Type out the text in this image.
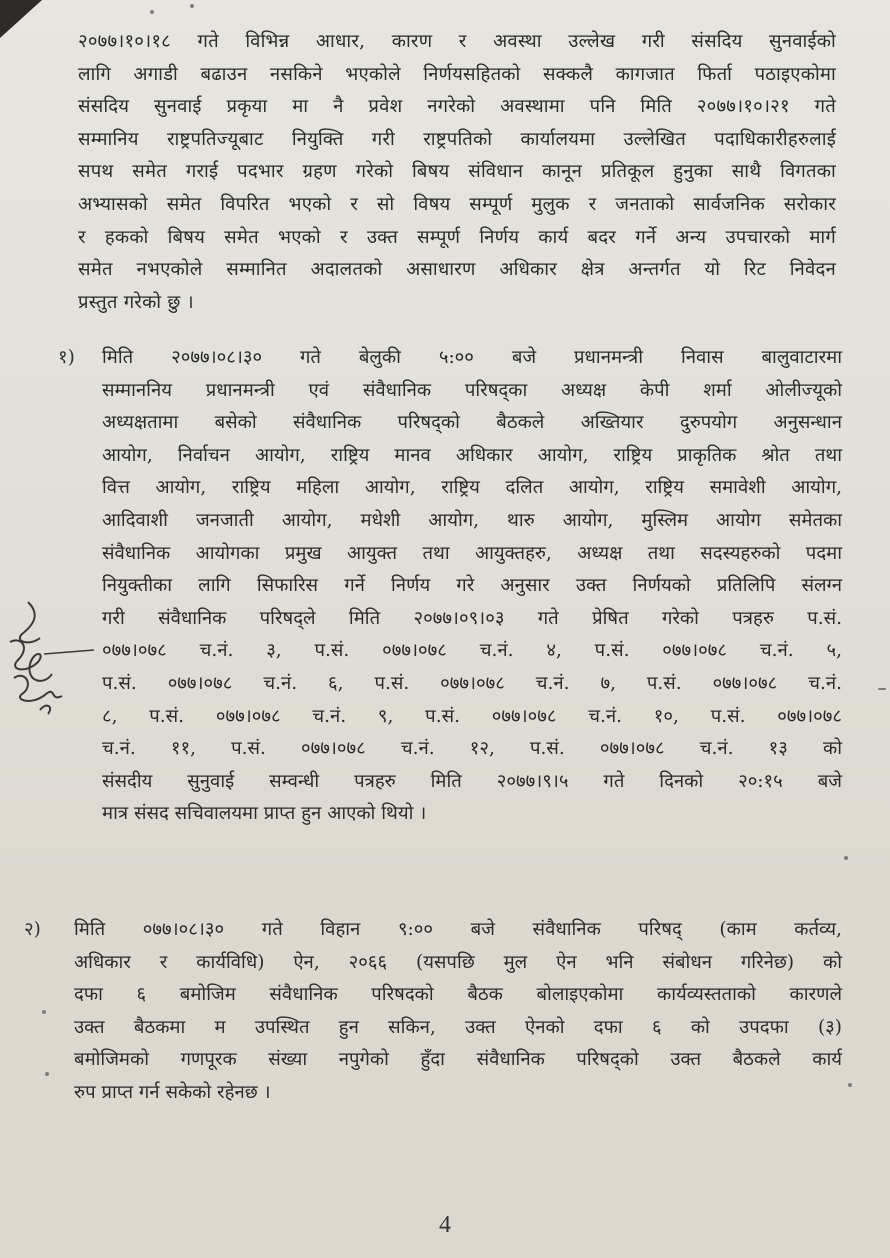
२०७७।१०।१८ गते विभिन्न आधार, कारण र अवस्था उल्लेख गरी संसदिय सुनवाईको
लागि अगाडी बढाउन नसकिने भएकोले निर्णयसहितको सक्कलै कागजात फिर्ता पठाइएकोमा
संसदिय सुनवाई प्रकृया मा नै प्रवेश नगरेको अवस्थामा पनि मिति २०७७।१०।२१ गते
सम्मानिय राष्ट्रपतिज्यूबाट नियुक्ति गरी राष्ट्रपतिको कार्यालयमा उल्लेखित पदाधिकारीहरुलाई
सपथ समेत गराई पदभार ग्रहण गरेको बिषय संविधान कानून प्रतिकूल हुनुका साथै विगतका
अभ्यासको समेत विपरित भएको र सो विषय सम्पूर्ण मुलुक र जनताको सार्वजनिक सरोकार
र हकको बिषय समेत भएको र उक्त सम्पूर्ण निर्णय कार्य बदर गर्ने अन्य उपचारको मार्ग
समेत नभएकोले सम्मानित अदालतको असाधारण अधिकार क्षेत्र अन्तर्गत यो रिट निवेदन
प्रस्तुत गरेको छु ।
१) मिति २०७७।०८।३० गते बेलुकी ५:०० बजे प्रधानमन्त्री निवास बालुवाटारमा
सम्माननिय प्रधानमन्त्री एवं संवैधानिक परिषद्का अध्यक्ष केपी शर्मा ओलीज्यूको
अध्यक्षतामा बसेको संवैधानिक परिषद्को बैठकले अख्तियार दुरुपयोग अनुसन्धान
आयोग, निर्वाचन आयोग, राष्ट्रिय मानव अधिकार आयोग, राष्ट्रिय प्राकृतिक श्रोत तथा
वित्त आयोग, राष्ट्रिय महिला आयोग, राष्ट्रिय दलित आयोग, राष्ट्रिय समावेशी आयोग,
आदिवाशी जनजाती आयोग, मधेशी आयोग, थारु आयोग, मुस्लिम आयोग समेतका
संवैधानिक आयोगका प्रमुख आयुक्त तथा आयुक्तहरु, अध्यक्ष तथा सदस्यहरुको पदमा
नियुक्तीका लागि सिफारिस गर्ने निर्णय गरे अनुसार उक्त निर्णयको प्रतिलिपि संलग्न
गरी संवैधानिक परिषद्ले मिति २०७७।०९।०३ गते प्रेषित गरेको पत्रहरु प.सं.
०७७।०७८ च.नं. ३, प.सं. ०७७।०७८ च.नं. ४, प.सं. ०७७।०७८ च.नं. ५,
प.सं. ०७७।०७८ च.नं. ६, प.सं. ०७७।०७८ च.नं. ७, प.सं. ०७७।०७८ च.नं.
८, प.सं. ०७७।०७८ च.नं. ९, प.सं. ०७७।०७८ च.नं. १०, प.सं. ०७७।०७८
च.नं. ११, प.सं. ०७७।०७८ च.नं. १२, प.सं. ०७७।०७८ च.नं. १३ को
संसदीय सुनुवाई सम्वन्धी पत्रहरु मिति २०७७।९।५ गते दिनको २०:१५ बजे
मात्र संसद सचिवालयमा प्राप्त हुन आएको थियो ।
२) मिति ०७७।०८।३० गते विहान ९:०० बजे संवैधानिक परिषद् (काम कर्तव्य,
अधिकार र कार्यविधि) ऐन, २०६६ (यसपछि मुल ऐन भनि संबोधन गरिनेछ) को
दफा ६ बमोजिम संवैधानिक परिषदको बैठक बोलाइएकोमा कार्यव्यस्तताको कारणले
उक्त बैठकमा म उपस्थित हुन सकिन, उक्त ऐनको दफा ६ को उपदफा (३)
बमोजिमको गणपूरक संख्या नपुगेको हुँदा संवैधानिक परिषद्को उक्त बैठकले कार्य
रुप प्राप्त गर्न सकेको रहेनछ ।
4
